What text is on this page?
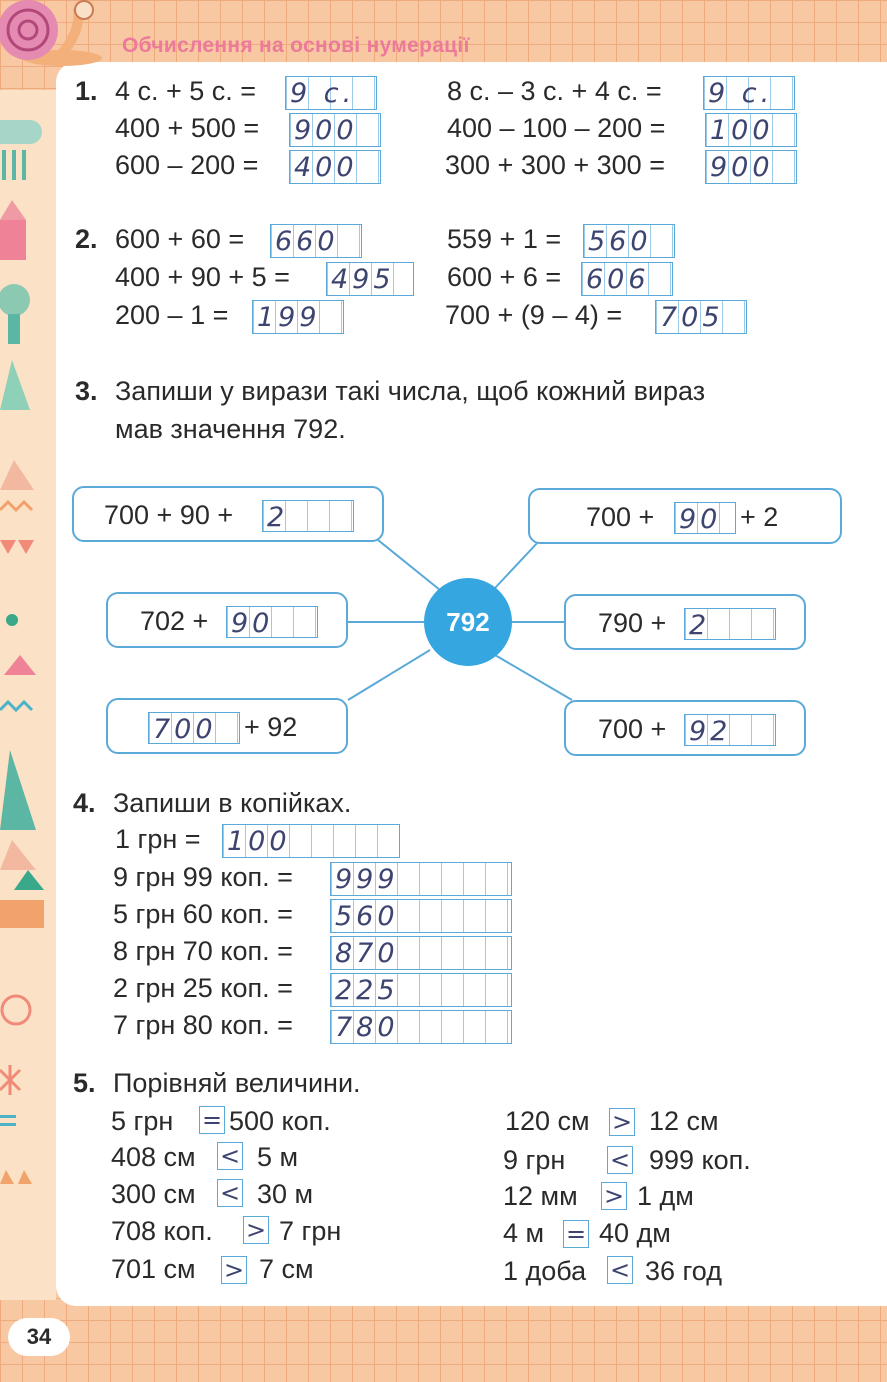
Обчислення на основі нумерації
1. 4 с. + 5 с. = 9 с.	8 с. – 3 с. + 4 с. = 9 с.
400 + 500 = 900	400 – 100 – 200 = 100
600 – 200 = 400	300 + 300 + 300 = 900
2. 600 + 60 = 660	559 + 1 = 560
400 + 90 + 5 = 495	600 + 6 = 606
200 – 1 = 199	700 + (9 – 4) = 705
3. Запиши у вирази такі числа, щоб кожний вираз
мав значення 792.
700 + 90 + 2	700 + 90 + 2
702 + 90	790 + 2
700	+ 92	700 + 92
792
4. Запиши в копійках.
1 грн = 100
9 грн 99 коп. = 999
5 грн 60 коп. = 560
8 грн 70 коп. = 870
2 грн 25 коп. = 225
7 грн 80 коп. = 780
5. Порівняй величини.
5 грн = 500 коп.
408 см < 5 м
300 см < 30 м
708 коп. > 7 грн
701 см > 7 см
120 см > 12 см
9 грн < 999 коп.
12 мм > 1 дм
4 м = 40 дм
1 доба < 36 год
34
